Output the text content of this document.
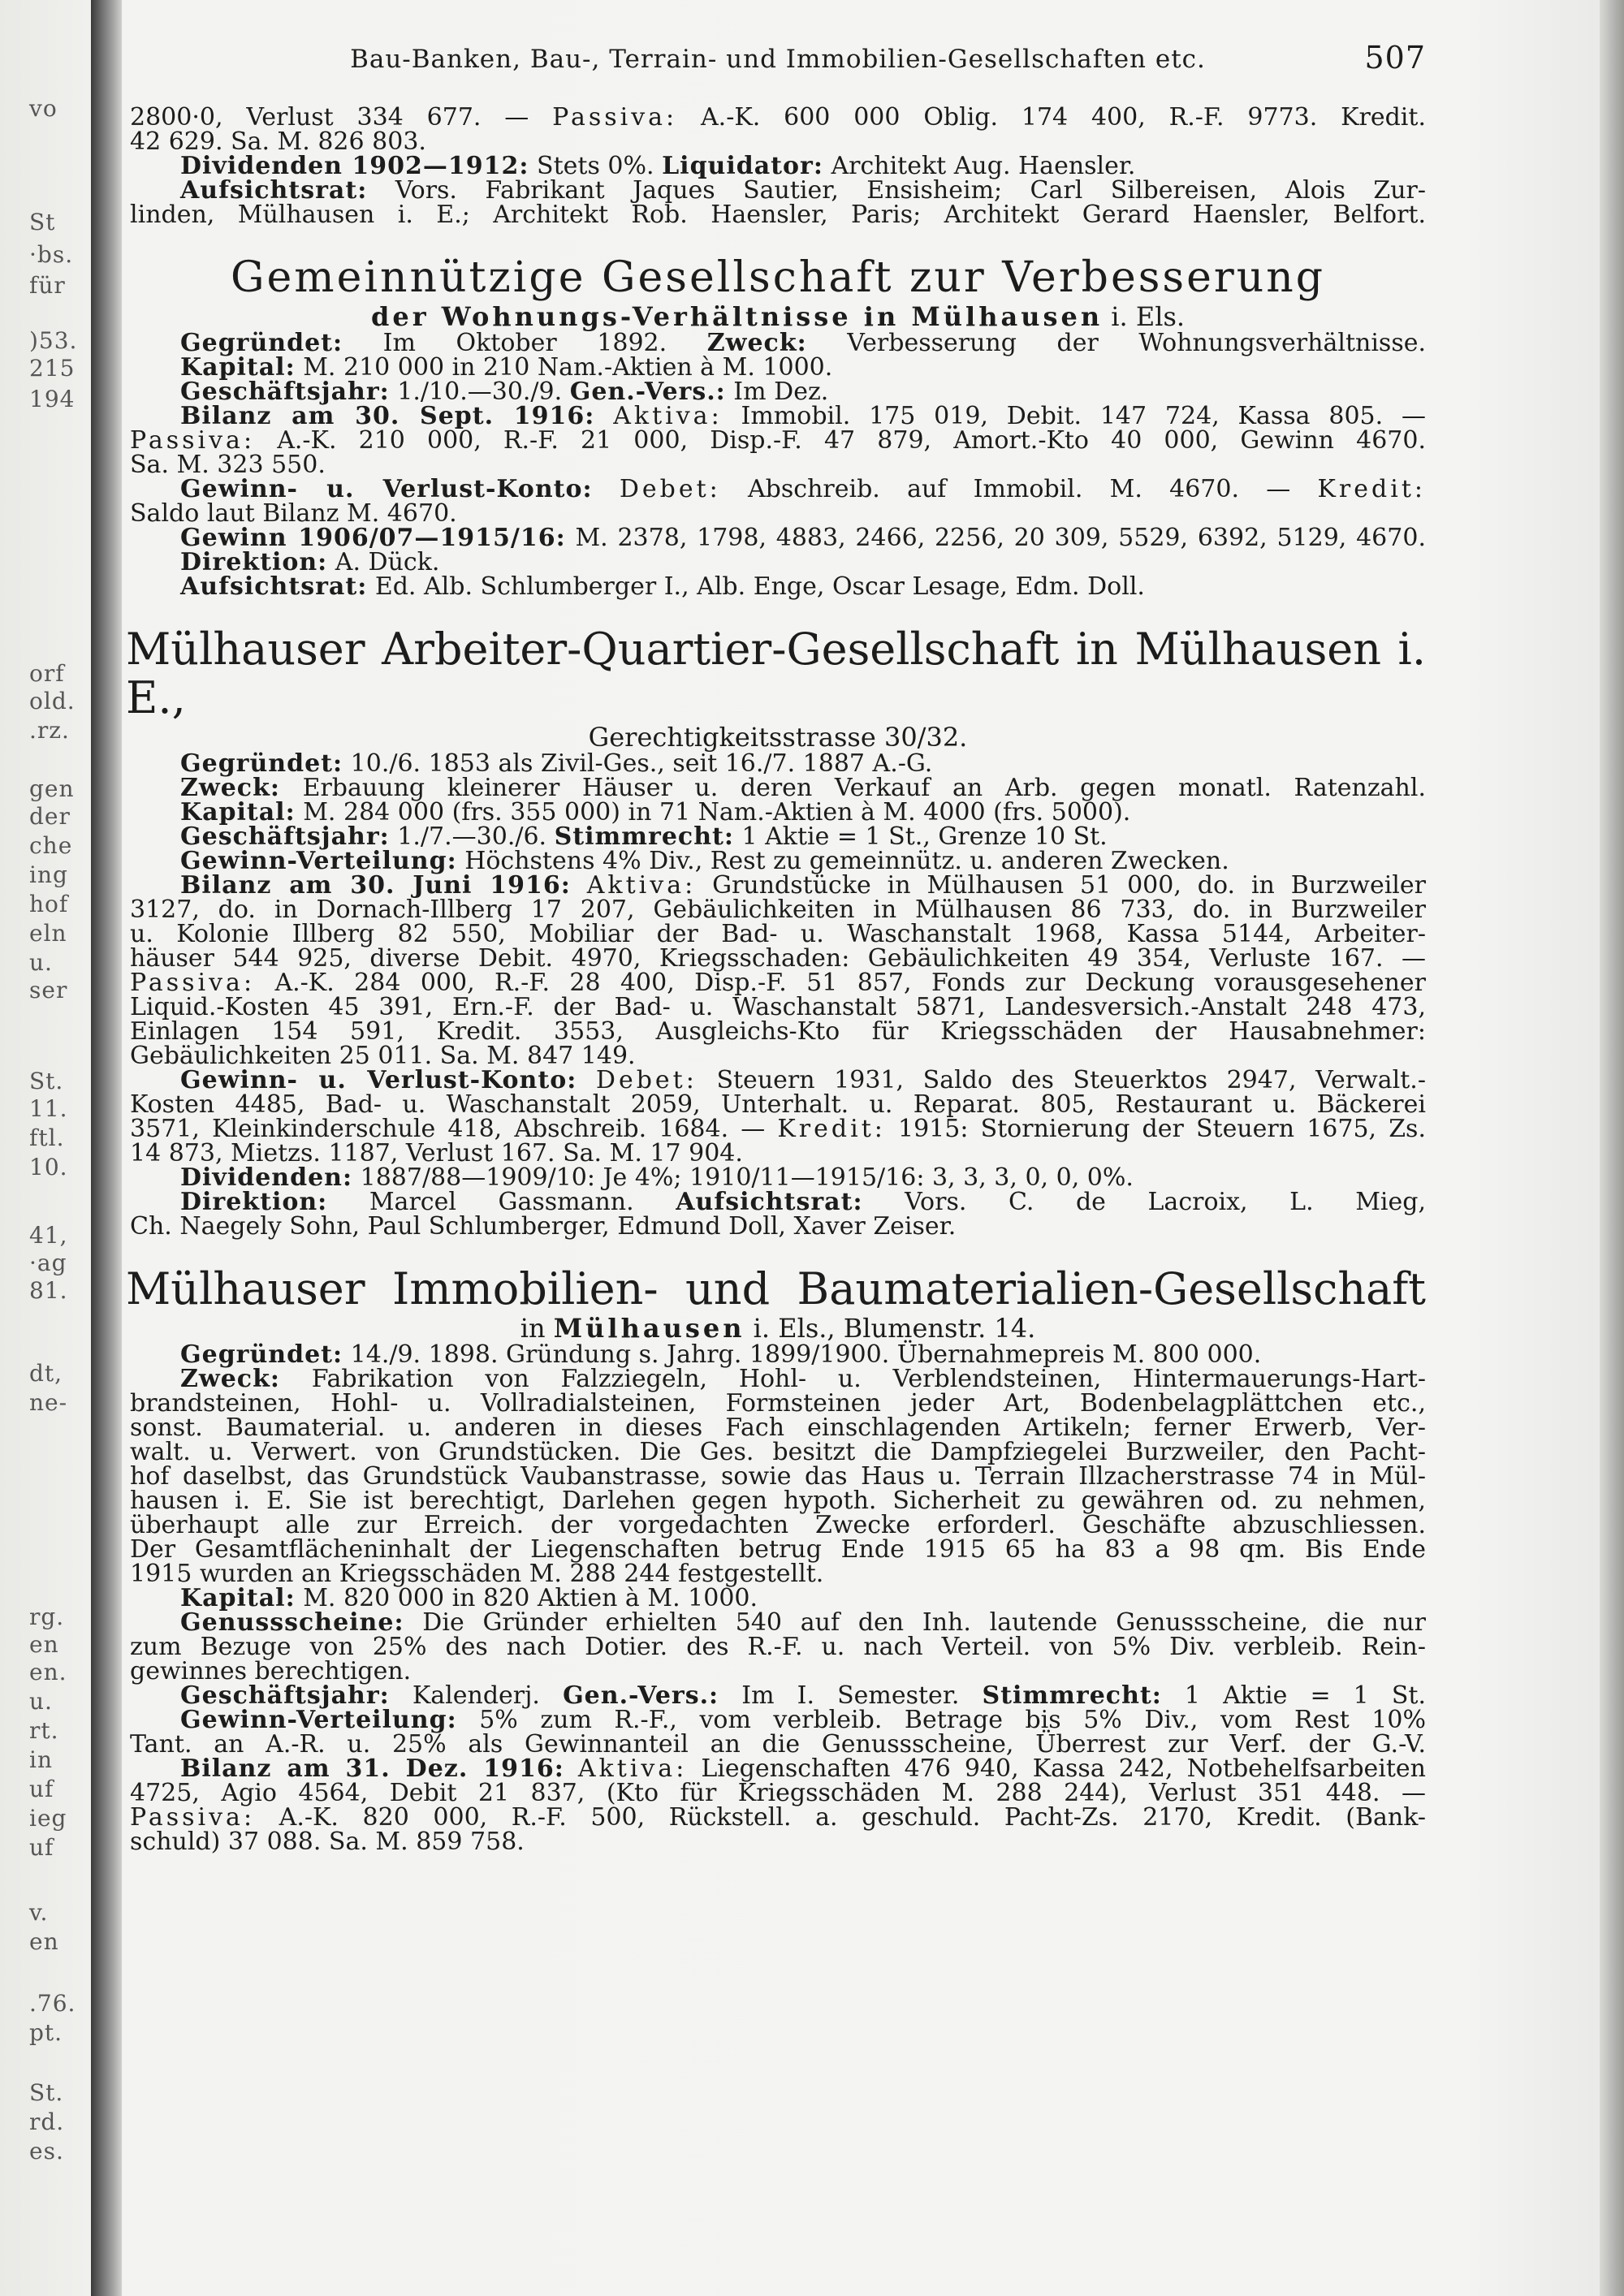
vo
St
·bs.
für
)53.
215
194
orf
old.
.rz.
gen
der
che
ing
hof
eln
u.
ser
St.
11.
ftl.
10.
41,
·ag
81.
dt,
ne-
rg.
en
en.
u.
rt.
in
uf
ieg
uf
v.
en
.76.
pt.
St.
rd.
es.
Bau-Banken, Bau-, Terrain- und Immobilien-Gesellschaften etc.	507
2800·0, Verlust 334 677. — Passiva: A.-K. 600 000 Oblig. 174 400, R.-F. 9773. Kredit.
42 629. Sa. M. 826 803.
Dividenden 1902—1912: Stets 0%. Liquidator: Architekt Aug. Haensler.
Aufsichtsrat: Vors. Fabrikant Jaques Sautier, Ensisheim; Carl Silbereisen, Alois Zur-
linden, Mülhausen i. E.; Architekt Rob. Haensler, Paris; Architekt Gerard Haensler, Belfort.
Gemeinnützige Gesellschaft zur Verbesserung
der Wohnungs-Verhältnisse in Mülhausen i. Els.
Gegründet: Im Oktober 1892. Zweck: Verbesserung der Wohnungsverhältnisse.
Kapital: M. 210 000 in 210 Nam.-Aktien à M. 1000.
Geschäftsjahr: 1./10.—30./9. Gen.-Vers.: Im Dez.
Bilanz am 30. Sept. 1916: Aktiva: Immobil. 175 019, Debit. 147 724, Kassa 805. —
Passiva: A.-K. 210 000, R.-F. 21 000, Disp.-F. 47 879, Amort.-Kto 40 000, Gewinn 4670.
Sa. M. 323 550.
Gewinn- u. Verlust-Konto: Debet: Abschreib. auf Immobil. M. 4670. — Kredit:
Saldo laut Bilanz M. 4670.
Gewinn 1906/07—1915/16: M. 2378, 1798, 4883, 2466, 2256, 20 309, 5529, 6392, 5129, 4670.
Direktion: A. Dück.
Aufsichtsrat: Ed. Alb. Schlumberger I., Alb. Enge, Oscar Lesage, Edm. Doll.
Mülhauser Arbeiter-Quartier-Gesellschaft in Mülhausen i. E.,
Gerechtigkeitsstrasse 30/32.
Gegründet: 10./6. 1853 als Zivil-Ges., seit 16./7. 1887 A.-G.
Zweck: Erbauung kleinerer Häuser u. deren Verkauf an Arb. gegen monatl. Ratenzahl.
Kapital: M. 284 000 (frs. 355 000) in 71 Nam.-Aktien à M. 4000 (frs. 5000).
Geschäftsjahr: 1./7.—30./6. Stimmrecht: 1 Aktie = 1 St., Grenze 10 St.
Gewinn-Verteilung: Höchstens 4% Div., Rest zu gemeinnütz. u. anderen Zwecken.
Bilanz am 30. Juni 1916: Aktiva: Grundstücke in Mülhausen 51 000, do. in Burzweiler
3127, do. in Dornach-Illberg 17 207, Gebäulichkeiten in Mülhausen 86 733, do. in Burzweiler
u. Kolonie Illberg 82 550, Mobiliar der Bad- u. Waschanstalt 1968, Kassa 5144, Arbeiter-
häuser 544 925, diverse Debit. 4970, Kriegsschaden: Gebäulichkeiten 49 354, Verluste 167. —
Passiva: A.-K. 284 000, R.-F. 28 400, Disp.-F. 51 857, Fonds zur Deckung vorausgesehener
Liquid.-Kosten 45 391, Ern.-F. der Bad- u. Waschanstalt 5871, Landesversich.-Anstalt 248 473,
Einlagen 154 591, Kredit. 3553, Ausgleichs-Kto für Kriegsschäden der Hausabnehmer:
Gebäulichkeiten 25 011. Sa. M. 847 149.
Gewinn- u. Verlust-Konto: Debet: Steuern 1931, Saldo des Steuerktos 2947, Verwalt.-
Kosten 4485, Bad- u. Waschanstalt 2059, Unterhalt. u. Reparat. 805, Restaurant u. Bäckerei
3571, Kleinkinderschule 418, Abschreib. 1684. — Kredit: 1915: Stornierung der Steuern 1675, Zs.
14 873, Mietzs. 1187, Verlust 167. Sa. M. 17 904.
Dividenden: 1887/88—1909/10: Je 4%; 1910/11—1915/16: 3, 3, 3, 0, 0, 0%.
Direktion: Marcel Gassmann. Aufsichtsrat: Vors. C. de Lacroix, L. Mieg,
Ch. Naegely Sohn, Paul Schlumberger, Edmund Doll, Xaver Zeiser.
Mülhauser Immobilien- und Baumaterialien-Gesellschaft
in Mülhausen i. Els., Blumenstr. 14.
Gegründet: 14./9. 1898. Gründung s. Jahrg. 1899/1900. Übernahmepreis M. 800 000.
Zweck: Fabrikation von Falzziegeln, Hohl- u. Verblendsteinen, Hintermauerungs-Hart-
brandsteinen, Hohl- u. Vollradialsteinen, Formsteinen jeder Art, Bodenbelagplättchen etc.,
sonst. Baumaterial. u. anderen in dieses Fach einschlagenden Artikeln; ferner Erwerb, Ver-
walt. u. Verwert. von Grundstücken. Die Ges. besitzt die Dampfziegelei Burzweiler, den Pacht-
hof daselbst, das Grundstück Vaubanstrasse, sowie das Haus u. Terrain Illzacherstrasse 74 in Mül-
hausen i. E. Sie ist berechtigt, Darlehen gegen hypoth. Sicherheit zu gewähren od. zu nehmen,
überhaupt alle zur Erreich. der vorgedachten Zwecke erforderl. Geschäfte abzuschliessen.
Der Gesamtflächeninhalt der Liegenschaften betrug Ende 1915 65 ha 83 a 98 qm. Bis Ende
1915 wurden an Kriegsschäden M. 288 244 festgestellt.
Kapital: M. 820 000 in 820 Aktien à M. 1000.
Genussscheine: Die Gründer erhielten 540 auf den Inh. lautende Genussscheine, die nur
zum Bezuge von 25% des nach Dotier. des R.-F. u. nach Verteil. von 5% Div. verbleib. Rein-
gewinnes berechtigen.
Geschäftsjahr: Kalenderj. Gen.-Vers.: Im I. Semester. Stimmrecht: 1 Aktie = 1 St.
Gewinn-Verteilung: 5% zum R.-F., vom verbleib. Betrage bis 5% Div., vom Rest 10%
Tant. an A.-R. u. 25% als Gewinnanteil an die Genussscheine, Überrest zur Verf. der G.-V.
Bilanz am 31. Dez. 1916: Aktiva: Liegenschaften 476 940, Kassa 242, Notbehelfsarbeiten
4725, Agio 4564, Debit 21 837, (Kto für Kriegsschäden M. 288 244), Verlust 351 448. —
Passiva: A.-K. 820 000, R.-F. 500, Rückstell. a. geschuld. Pacht-Zs. 2170, Kredit. (Bank-
schuld) 37 088. Sa. M. 859 758.
